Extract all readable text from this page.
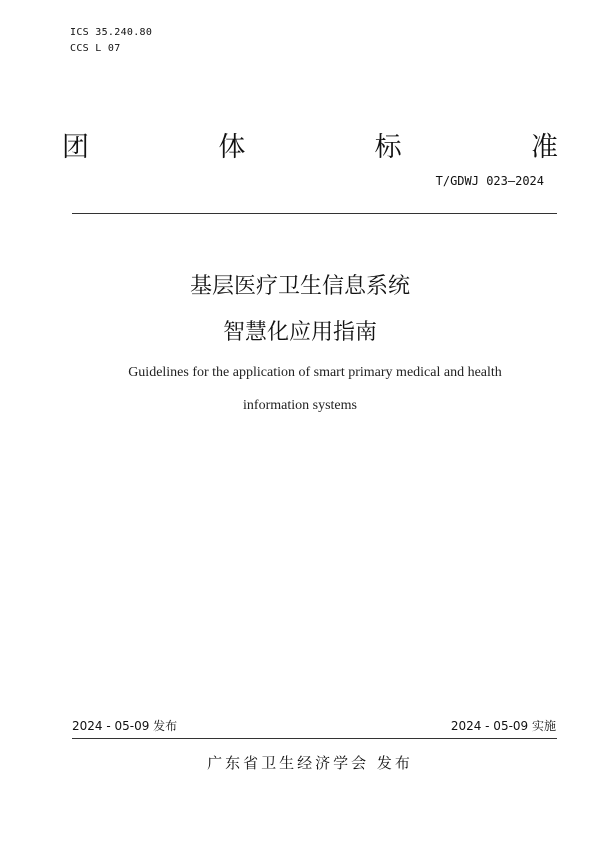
ICS 35.240.80
CCS L 07
团	体	标	准
T/GDWJ 023—2024
基层医疗卫生信息系统
智慧化应用指南
Guidelines for the application of smart primary medical and health
information systems
2024 - 05-09 发布	2024 - 05-09 实施
广东省卫生经济学会 发布
